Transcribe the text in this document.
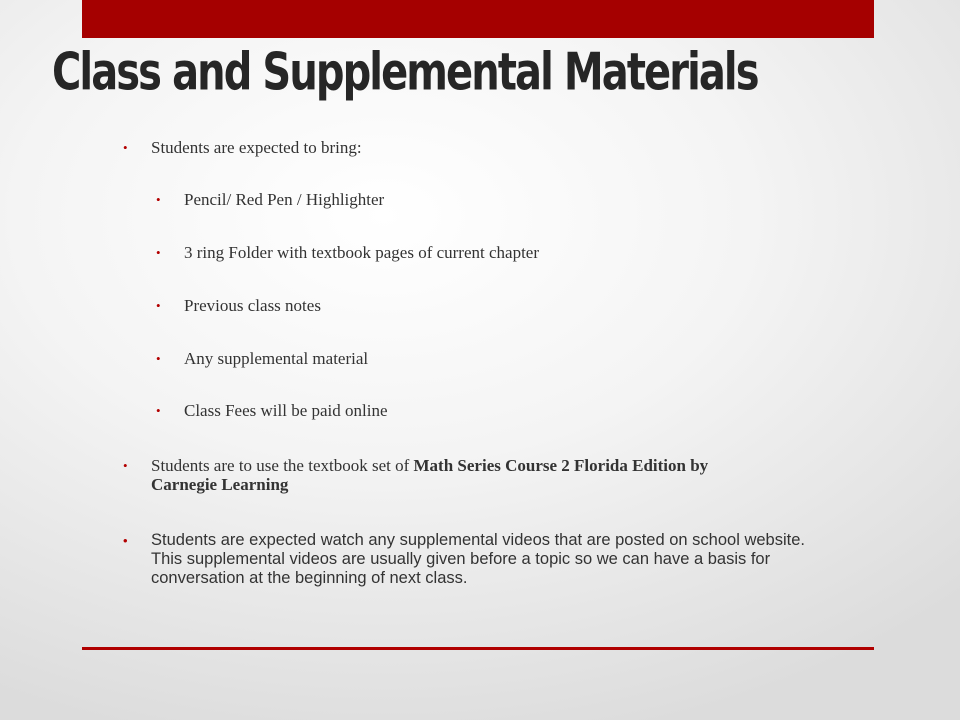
Class and Supplemental Materials
• Students are expected to bring:
• Pencil/ Red Pen / Highlighter
• 3 ring Folder with textbook pages of current chapter
• Previous class notes
• Any supplemental material
• Class Fees will be paid online
• Students are to use the textbook set of Math Series Course 2 Florida Edition by
Carnegie Learning
• Students are expected watch any supplemental videos that are posted on school website.
This supplemental videos are usually given before a topic so we can have a basis for
conversation at the beginning of next class.
